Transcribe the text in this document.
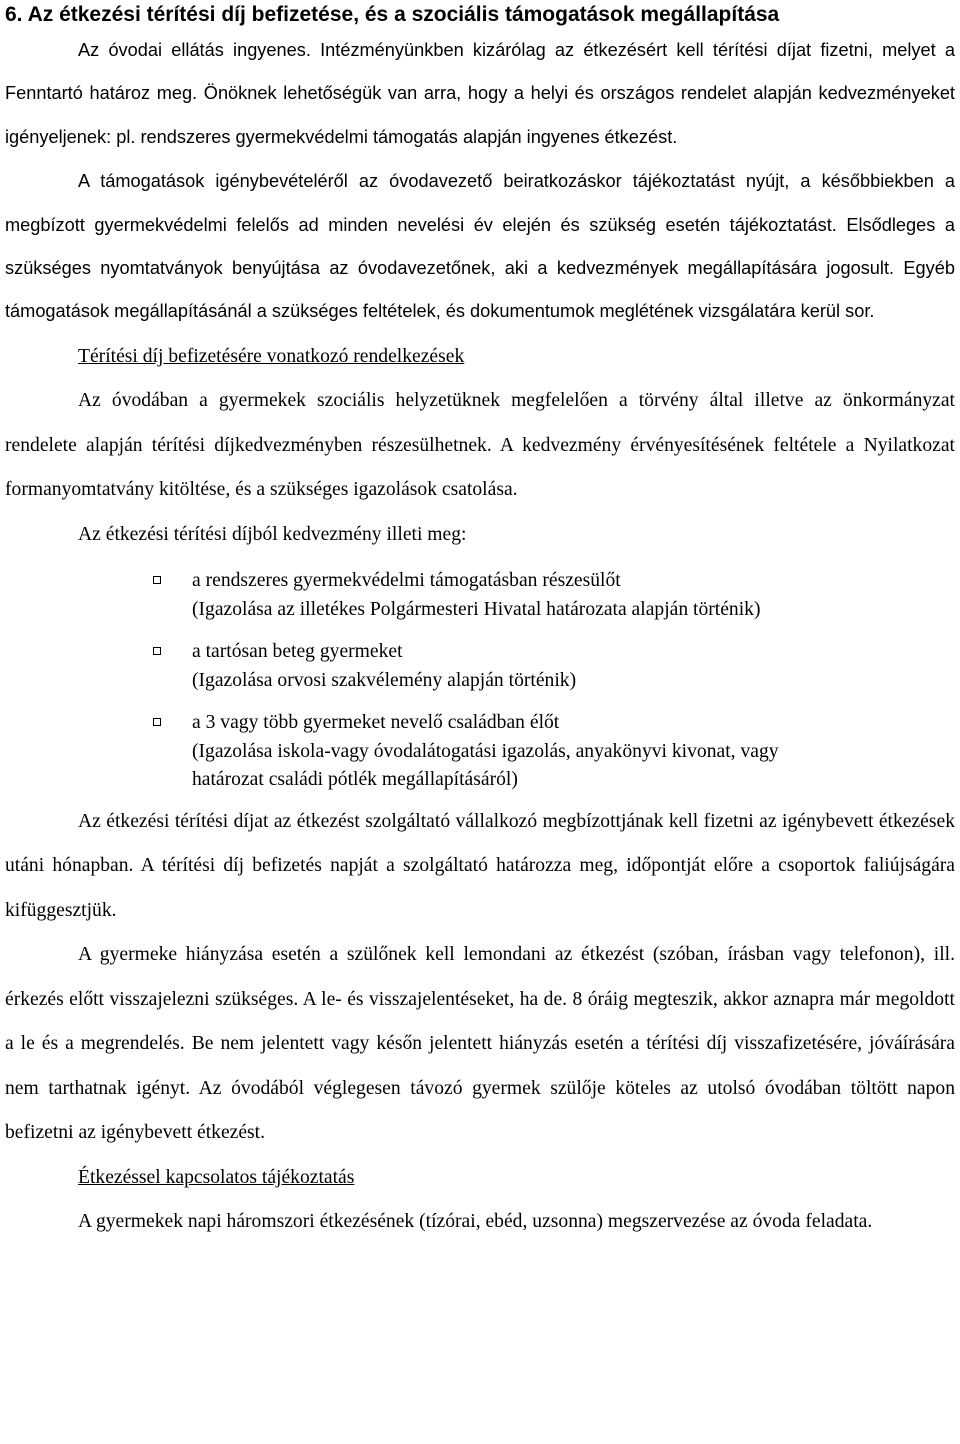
6. Az étkezési térítési díj befizetése, és a szociális támogatások megállapítása

Az óvodai ellátás ingyenes. Intézményünkben kizárólag az étkezésért kell térítési díjat fizetni, melyet a Fenntartó határoz meg. Önöknek lehetőségük van arra, hogy a helyi és országos rendelet alapján kedvezményeket igényeljenek: pl. rendszeres gyermekvédelmi támogatás alapján ingyenes étkezést.

A támogatások igénybevételéről az óvodavezető beiratkozáskor tájékoztatást nyújt, a későbbiekben a megbízott gyermekvédelmi felelős ad minden nevelési év elején és szükség esetén tájékoztatást. Elsődleges a szükséges nyomtatványok benyújtása az óvodavezetőnek, aki a kedvezmények megállapítására jogosult. Egyéb támogatások megállapításánál a szükséges feltételek, és dokumentumok meglétének vizsgálatára kerül sor.

Térítési díj befizetésére vonatkozó rendelkezések

Az óvodában a gyermekek szociális helyzetüknek megfelelően a törvény által illetve az önkormányzat rendelete alapján térítési díjkedvezményben részesülhetnek. A kedvezmény érvényesítésének feltétele a Nyilatkozat formanyomtatvány kitöltése, és a szükséges igazolások csatolása.

Az étkezési térítési díjból kedvezmény illeti meg:
a rendszeres gyermekvédelmi támogatásban részesülőt
(Igazolása az illetékes Polgármesteri Hivatal határozata alapján történik)
a tartósan beteg gyermeket
(Igazolása orvosi szakvélemény alapján történik)
a 3 vagy több gyermeket nevelő családban élőt
(Igazolása iskola-vagy óvodalátogatási igazolás, anyakönyvi kivonat, vagy
határozat családi pótlék megállapításáról)

Az étkezési térítési díjat az étkezést szolgáltató vállalkozó megbízottjának kell fizetni az igénybevett étkezések utáni hónapban. A térítési díj befizetés napját a szolgáltató határozza meg, időpontját előre a csoportok faliújságára kifüggesztjük.

A gyermeke hiányzása esetén a szülőnek kell lemondani az étkezést (szóban, írásban vagy telefonon), ill. érkezés előtt visszajelezni szükséges. A le- és visszajelentéseket, ha de. 8 óráig megteszik, akkor aznapra már megoldott a le és a megrendelés. Be nem jelentett vagy későn jelentett hiányzás esetén a térítési díj visszafizetésére, jóváírására nem tarthatnak igényt. Az óvodából véglegesen távozó gyermek szülője köteles az utolsó óvodában töltött napon befizetni az igénybevett étkezést.

Étkezéssel kapcsolatos tájékoztatás

A gyermekek napi háromszori étkezésének (tízórai, ebéd, uzsonna) megszervezése az óvoda feladata.
